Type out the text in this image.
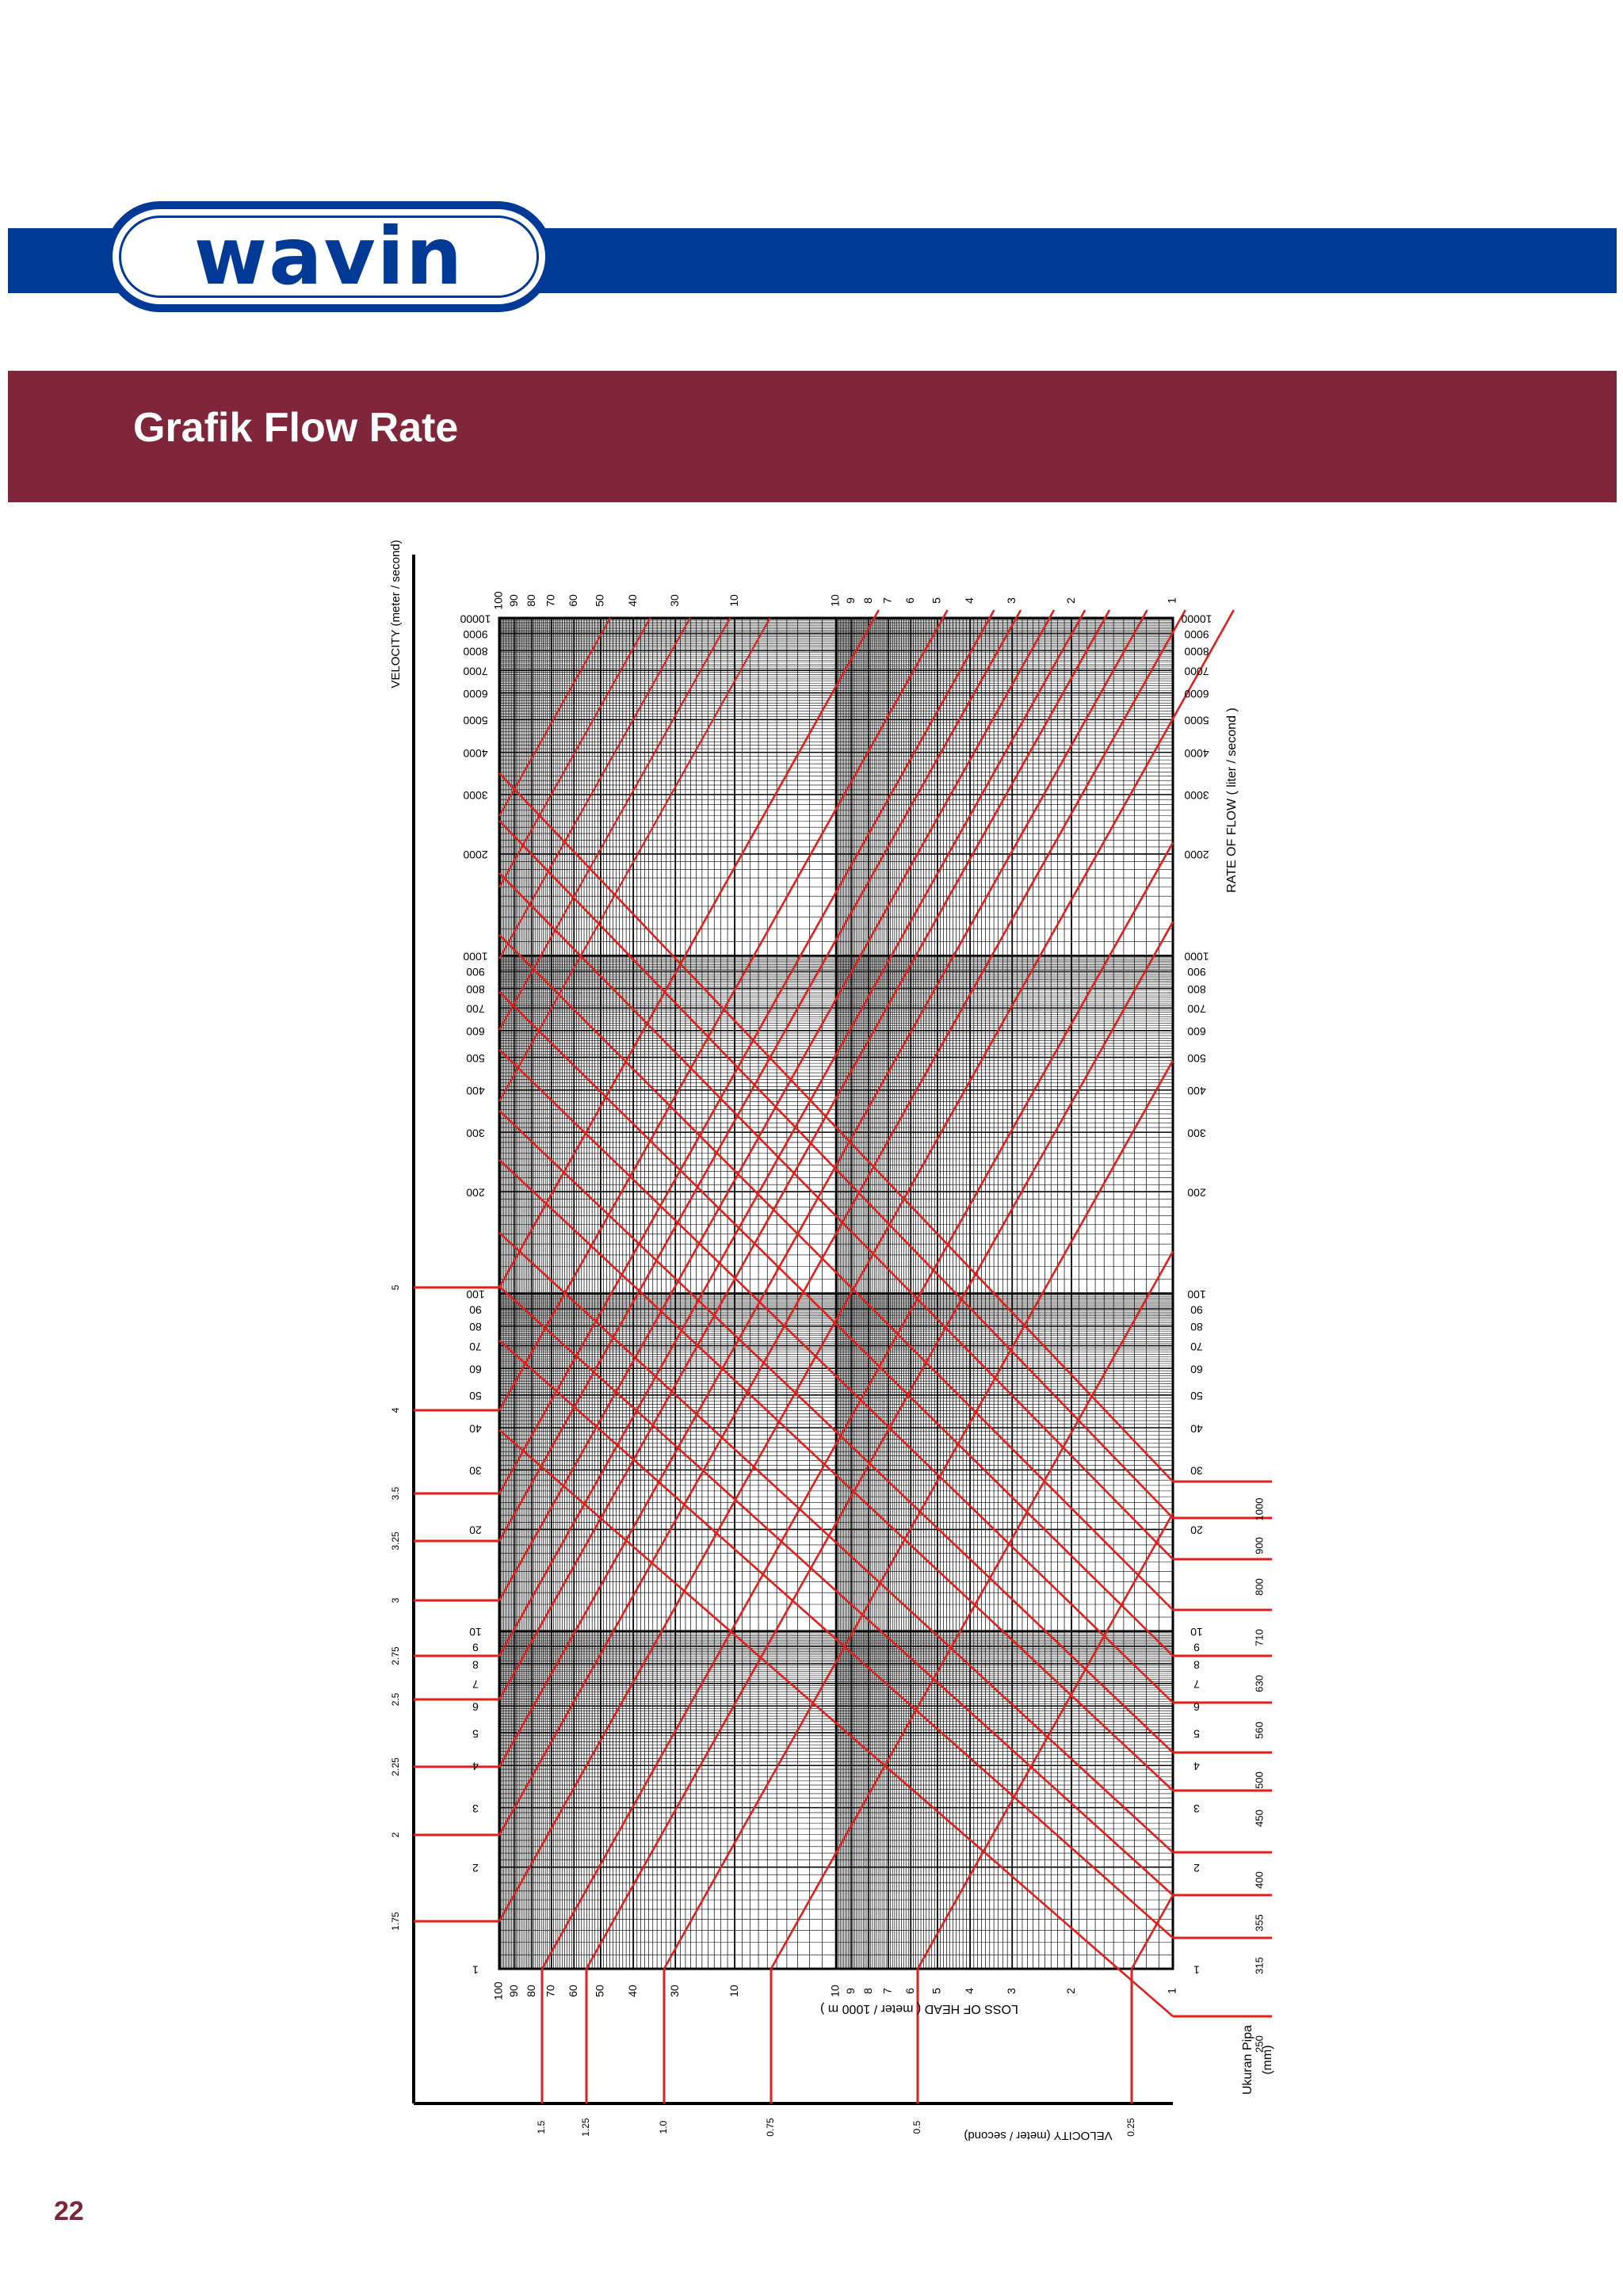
wavin
Grafik Flow Rate
1	1
2	2
3	3
4	4
5	5
6	6
7	7
8	8
9	9
10	10
20	20
30	30
40	40
50	50
60	60
70	70
80	80
90	90
100	100
200	200
300	300
400	400
500	500
600	600
700	700
800	800
900	900
1000	1000
2000	2000
3000	3000
4000	4000
5000	5000
6000	6000
7000	7000
8000	8000
9000	9000
10000	10000
1
1
2
2
3
3
4
4
5
5
6
6
7
7
8
8
9
9
10
10
10
10
30
30
40
40
50
50
60
60
70
70
80
80
90
90
100
100
VELOCITY (meter / second)
RATE OF FLOW ( liter / second )
LOSS OF HEAD ( meter / 1000 m )
VELOCITY (meter / second)
Ukuran Pipa (mm)
1.75
2
2.25
2.5
2.75
3
3.25
3.5
4
5
0.25
0.5
0.75
1.0
1.25
1.5
250
315
355
400
450
500
560
630
710
800
900
1000
22
